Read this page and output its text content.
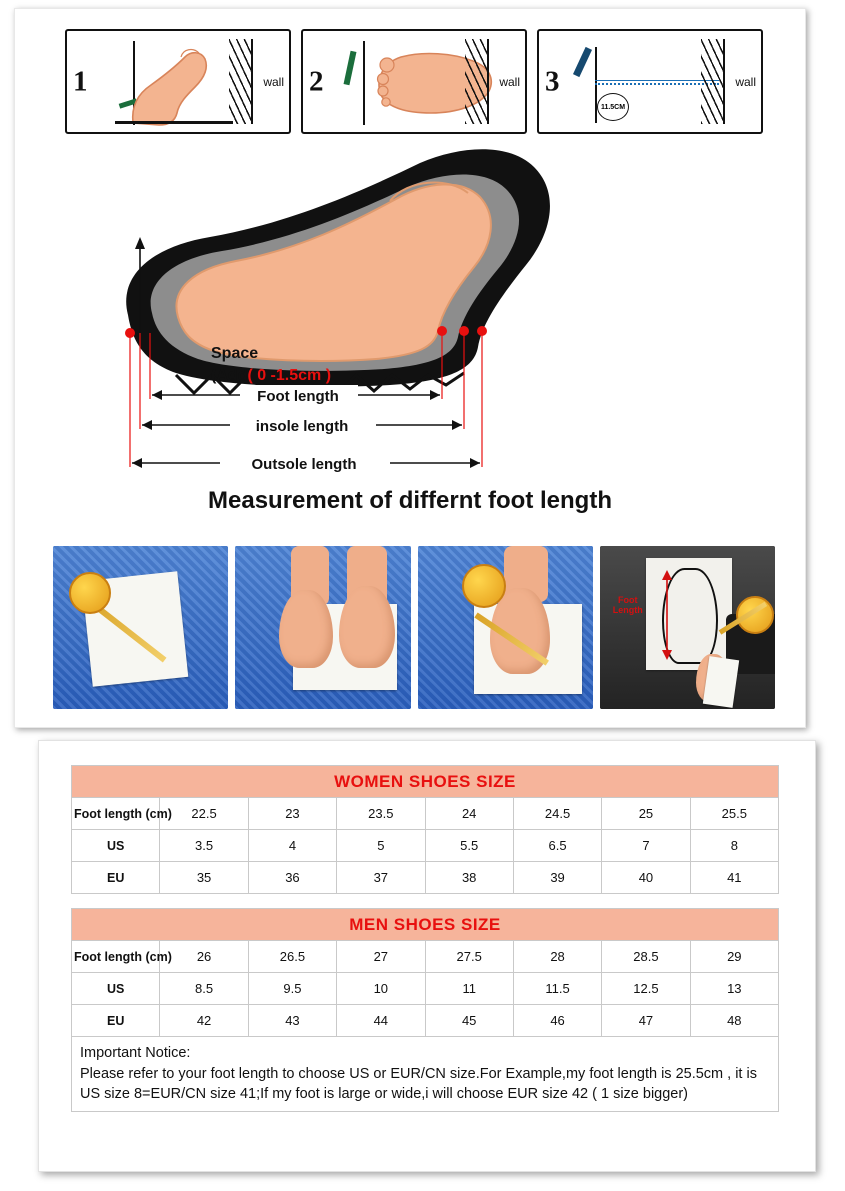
1	wall 2	wall 3
11.5CM
wall
Foot length
insole length
Outsole length
Space
(Add( 0 -1.5cm )
Measurement of differnt foot length
Foot
Length
WOMEN SHOES SIZE							
Foot length (cm)	22.5	23	23.5	24	24.5	25	25.5
US	3.5	4	5	5.5	6.5	7	8
EU	35	36	37	38	39	40	41
MEN SHOES SIZE							
Foot length (cm)	26	26.5	27	27.5	28	28.5	29
US	8.5	9.5	10	11	11.5	12.5	13
EU	42	43	44	45	46	47	48
Important Notice:
Please refer to your foot length to choose US or EUR/CN size.For Example,my foot length is 25.5cm , it is US size 8=EUR/CN size 41;If my foot is large or wide,i will choose EUR size 42 ( 1 size bigger)
